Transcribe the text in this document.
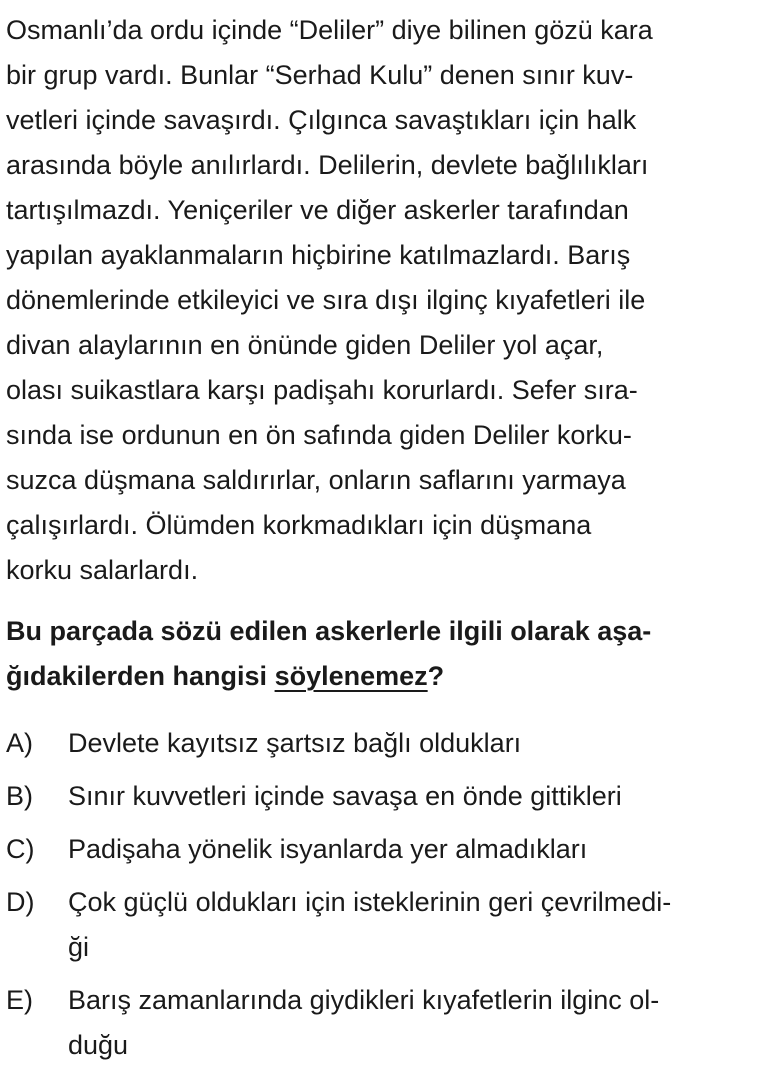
Osmanlı’da ordu içinde “Deliler” diye bilinen gözü kara
bir grup vardı. Bunlar “Serhad Kulu” denen sınır kuv-
vetleri içinde savaşırdı. Çılgınca savaştıkları için halk
arasında böyle anılırlardı. Delilerin, devlete bağlılıkları
tartışılmazdı. Yeniçeriler ve diğer askerler tarafından
yapılan ayaklanmaların hiçbirine katılmazlardı. Barış
dönemlerinde etkileyici ve sıra dışı ilginç kıyafetleri ile
divan alaylarının en önünde giden Deliler yol açar,
olası suikastlara karşı padişahı korurlardı. Sefer sıra-
sında ise ordunun en ön safında giden Deliler korku-
suzca düşmana saldırırlar, onların saflarını yarmaya
çalışırlardı. Ölümden korkmadıkları için düşmana
korku salarlardı.
Bu parçada sözü edilen askerlerle ilgili olarak aşa-
ğıdakilerden hangisi söylenemez?
A)	Devlete kayıtsız şartsız bağlı oldukları
B)	Sınır kuvvetleri içinde savaşa en önde gittikleri
C)	Padişaha yönelik isyanlarda yer almadıkları
D)	Çok güçlü oldukları için isteklerinin geri çevrilmedi-
ği
E)	Barış zamanlarında giydikleri kıyafetlerin ilginc ol-
duğu
